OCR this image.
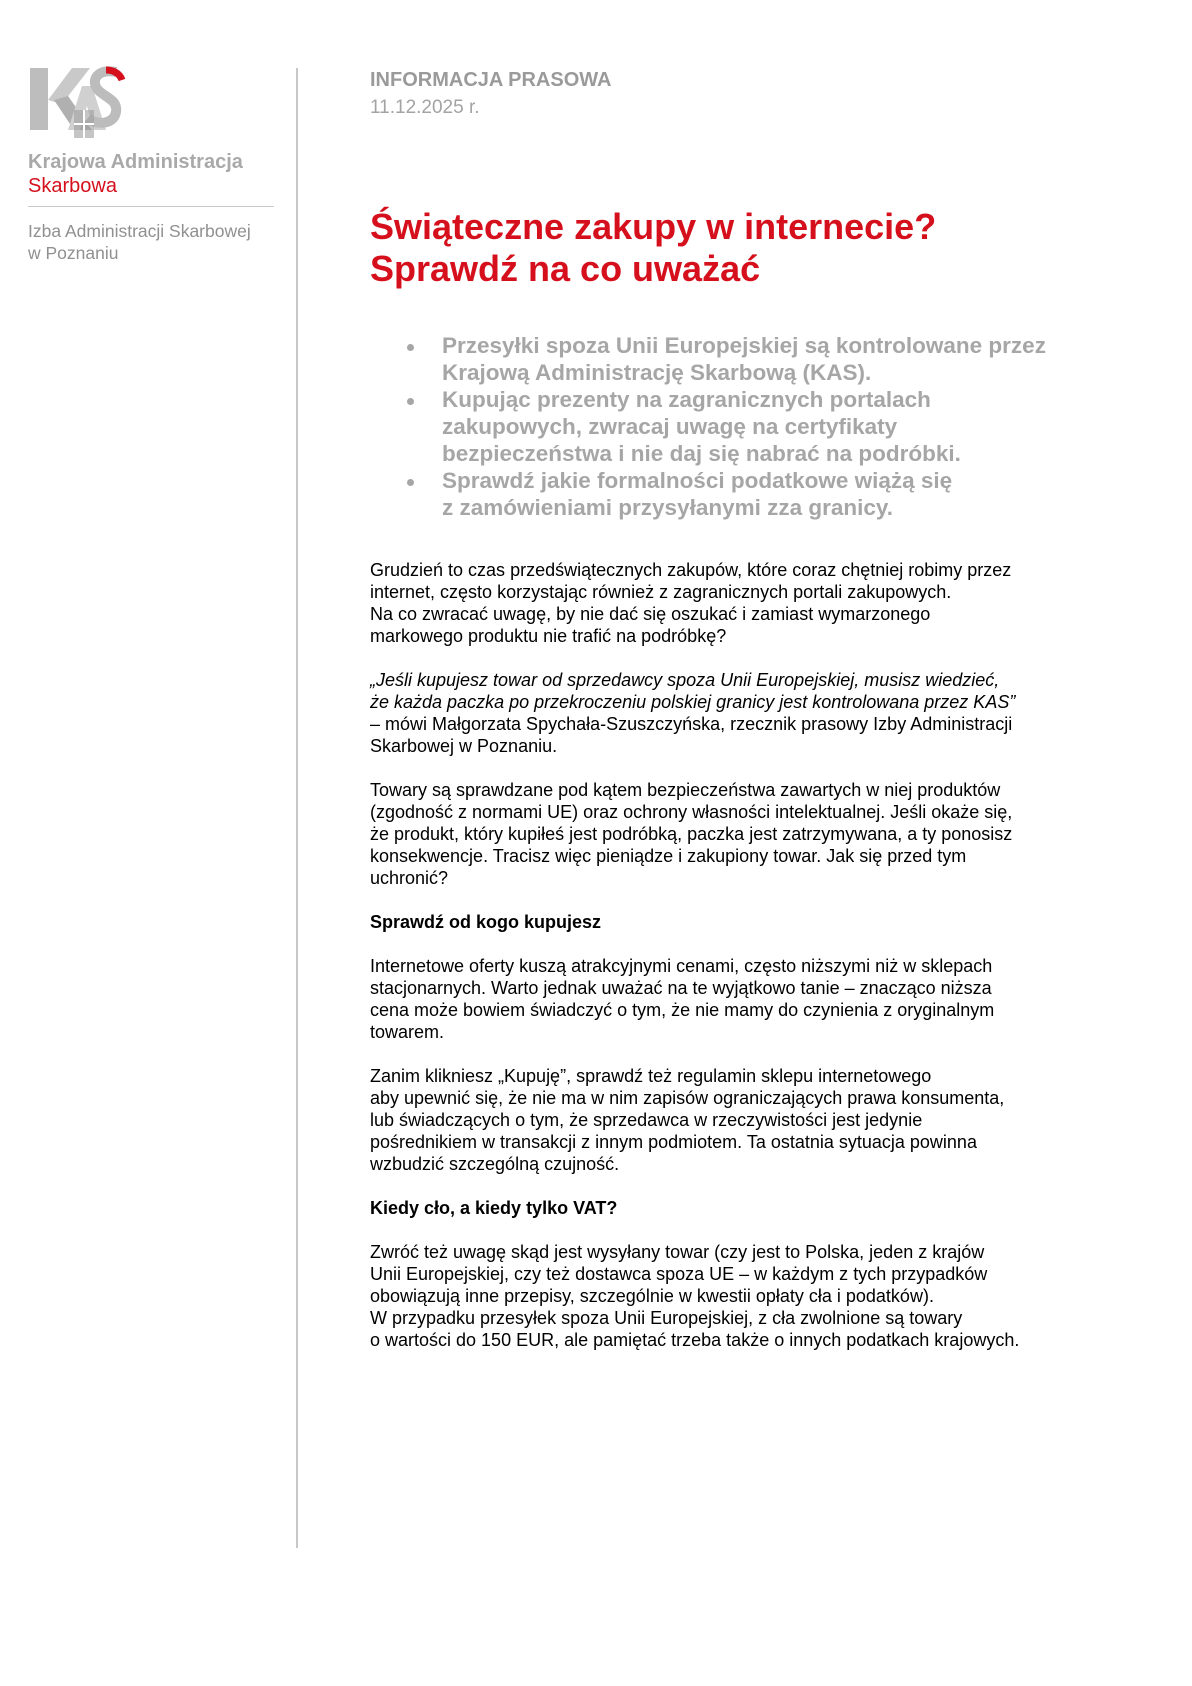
Krajowa Administracja
Skarbowa
Izba Administracji Skarbowej
w Poznaniu
INFORMACJA PRASOWA
11.12.2025 r.
Świąteczne zakupy w internecie?
Sprawdź na co uważać
Przesyłki spoza Unii Europejskiej są kontrolowane przez
Krajową Administrację Skarbową (KAS).
Kupując prezenty na zagranicznych portalach
zakupowych, zwracaj uwagę na certyfikaty
bezpieczeństwa i nie daj się nabrać na podróbki.
Sprawdź jakie formalności podatkowe wiążą się
z zamówieniami przysyłanymi zza granicy.

Grudzień to czas przedświątecznych zakupów, które coraz chętniej robimy przez
internet, często korzystając również z zagranicznych portali zakupowych.
Na co zwracać uwagę, by nie dać się oszukać i zamiast wymarzonego
markowego produktu nie trafić na podróbkę?

„Jeśli kupujesz towar od sprzedawcy spoza Unii Europejskiej, musisz wiedzieć,
że każda paczka po przekroczeniu polskiej granicy jest kontrolowana przez KAS”
– mówi Małgorzata Spychała-Szuszczyńska, rzecznik prasowy Izby Administracji
Skarbowej w Poznaniu.

Towary są sprawdzane pod kątem bezpieczeństwa zawartych w niej produktów
(zgodność z normami UE) oraz ochrony własności intelektualnej. Jeśli okaże się,
że produkt, który kupiłeś jest podróbką, paczka jest zatrzymywana, a ty ponosisz
konsekwencje. Tracisz więc pieniądze i zakupiony towar. Jak się przed tym
uchronić?

Sprawdź od kogo kupujesz

Internetowe oferty kuszą atrakcyjnymi cenami, często niższymi niż w sklepach
stacjonarnych. Warto jednak uważać na te wyjątkowo tanie – znacząco niższa
cena może bowiem świadczyć o tym, że nie mamy do czynienia z oryginalnym
towarem.

Zanim klikniesz „Kupuję”, sprawdź też regulamin sklepu internetowego
aby upewnić się, że nie ma w nim zapisów ograniczających prawa konsumenta,
lub świadczących o tym, że sprzedawca w rzeczywistości jest jedynie
pośrednikiem w transakcji z innym podmiotem. Ta ostatnia sytuacja powinna
wzbudzić szczególną czujność.

Kiedy cło, a kiedy tylko VAT?

Zwróć też uwagę skąd jest wysyłany towar (czy jest to Polska, jeden z krajów
Unii Europejskiej, czy też dostawca spoza UE – w każdym z tych przypadków
obowiązują inne przepisy, szczególnie w kwestii opłaty cła i podatków).
W przypadku przesyłek spoza Unii Europejskiej, z cła zwolnione są towary
o wartości do 150 EUR, ale pamiętać trzeba także o innych podatkach krajowych.
